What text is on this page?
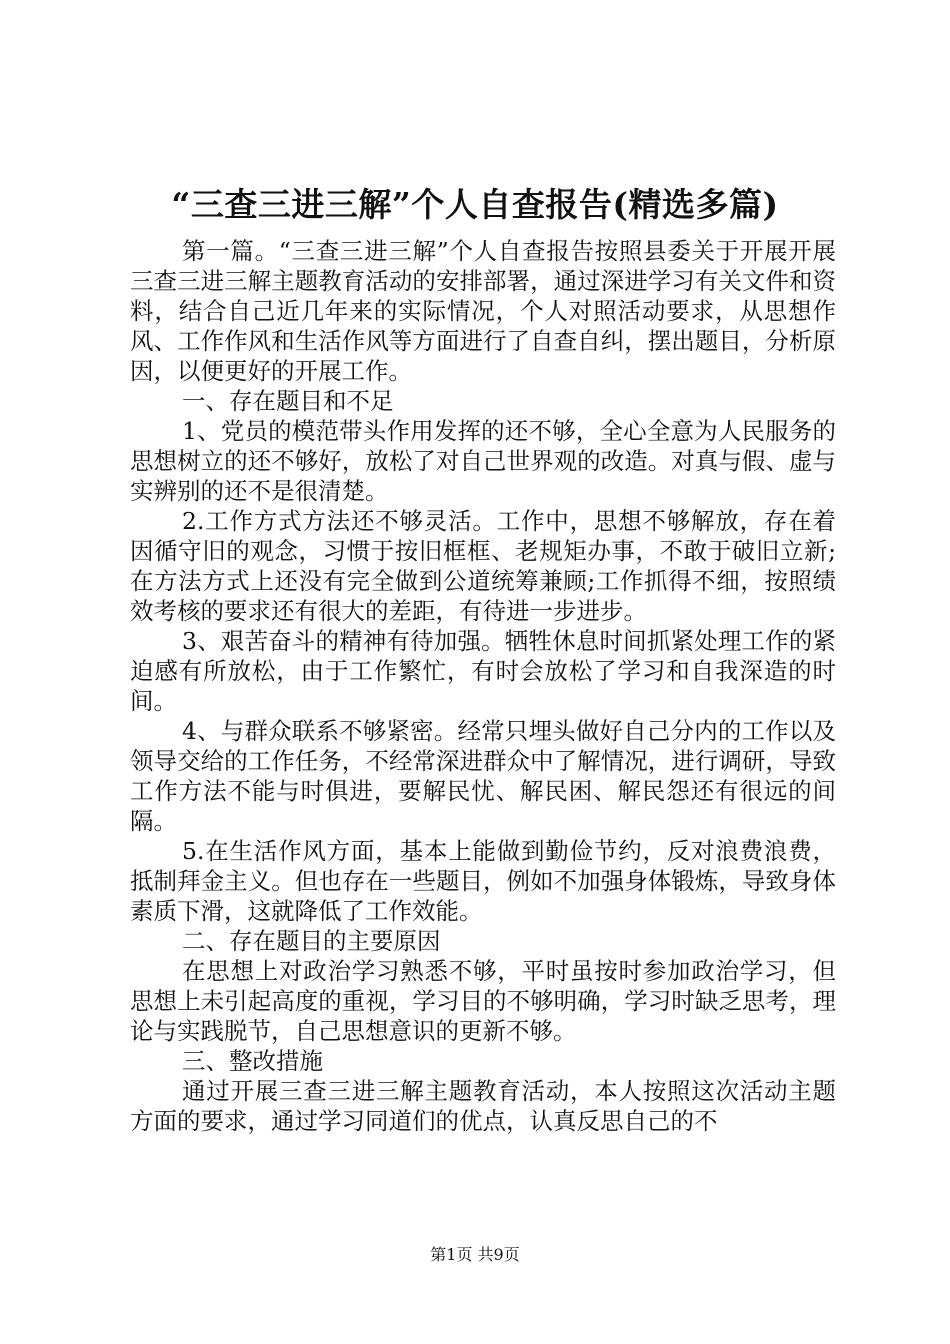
“三查三进三解”个人自查报告(精选多篇)

第一篇。“三查三进三解”个人自查报告按照县委关于开展开展三查三进三解主题教育活动的安排部署，通过深进学习有关文件和资料，结合自己近几年来的实际情况，个人对照活动要求，从思想作风、工作作风和生活作风等方面进行了自查自纠，摆出题目，分析原因，以便更好的开展工作。

一、存在题目和不足

1、党员的模范带头作用发挥的还不够，全心全意为人民服务的思想树立的还不够好，放松了对自己世界观的改造。对真与假、虚与实辨别的还不是很清楚。

2.工作方式方法还不够灵活。工作中，思想不够解放，存在着因循守旧的观念，习惯于按旧框框、老规矩办事，不敢于破旧立新;在方法方式上还没有完全做到公道统筹兼顾;工作抓得不细，按照绩效考核的要求还有很大的差距，有待进一步进步。

3、艰苦奋斗的精神有待加强。牺牲休息时间抓紧处理工作的紧迫感有所放松，由于工作繁忙，有时会放松了学习和自我深造的时间。

4、与群众联系不够紧密。经常只埋头做好自己分内的工作以及领导交给的工作任务，不经常深进群众中了解情况，进行调研，导致工作方法不能与时俱进，要解民忧、解民困、解民怨还有很远的间隔。

5.在生活作风方面，基本上能做到勤俭节约，反对浪费浪费，抵制拜金主义。但也存在一些题目，例如不加强身体锻炼，导致身体素质下滑，这就降低了工作效能。

二、存在题目的主要原因

在思想上对政治学习熟悉不够，平时虽按时参加政治学习，但思想上未引起高度的重视，学习目的不够明确，学习时缺乏思考，理论与实践脱节，自己思想意识的更新不够。

三、整改措施

通过开展三查三进三解主题教育活动，本人按照这次活动主题方面的要求，通过学习同道们的优点，认真反思自己的不

第1页 共9页
